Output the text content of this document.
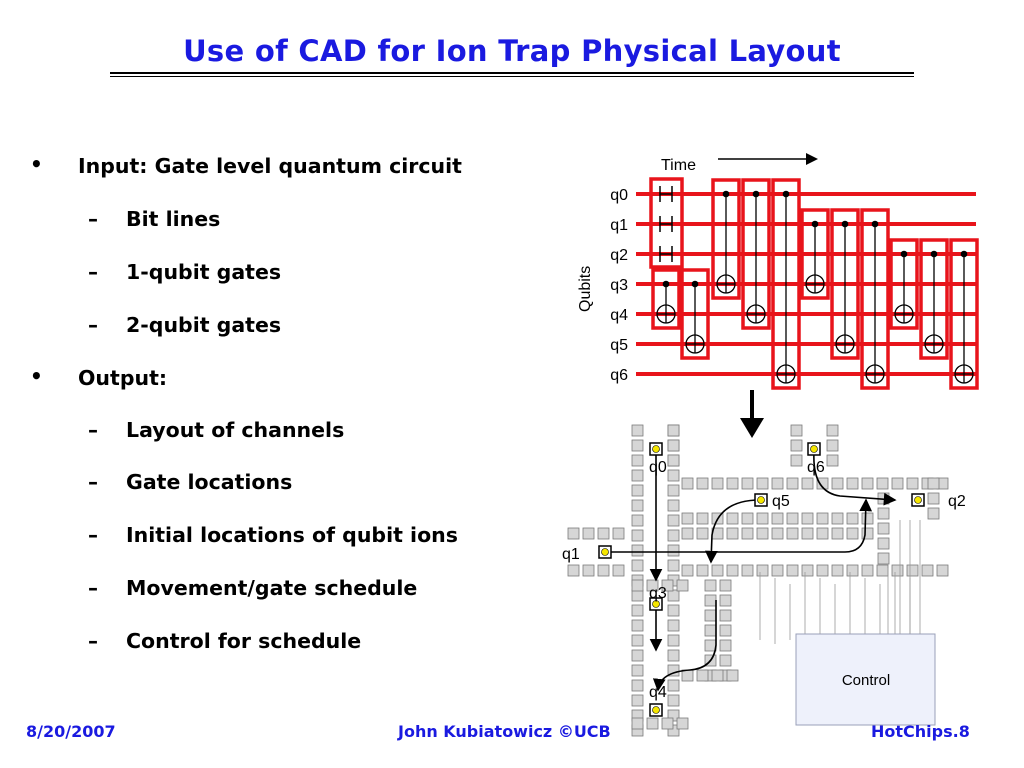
Use of CAD for Ion Trap Physical Layout
• Input: Gate level quantum circuit
– Bit lines
– 1-qubit gates
– 2-qubit gates
• Output:
– Layout of channels
– Gate locations
– Initial locations of qubit ions
– Movement/gate schedule
– Control for schedule
Time
Qubits
q0
q1
q2
q3
q4
q5
q6
Control
q0	q6
q5	q2
q1
q3
q4
8/20/2007	John Kubiatowicz ©UCB	HotChips.8
